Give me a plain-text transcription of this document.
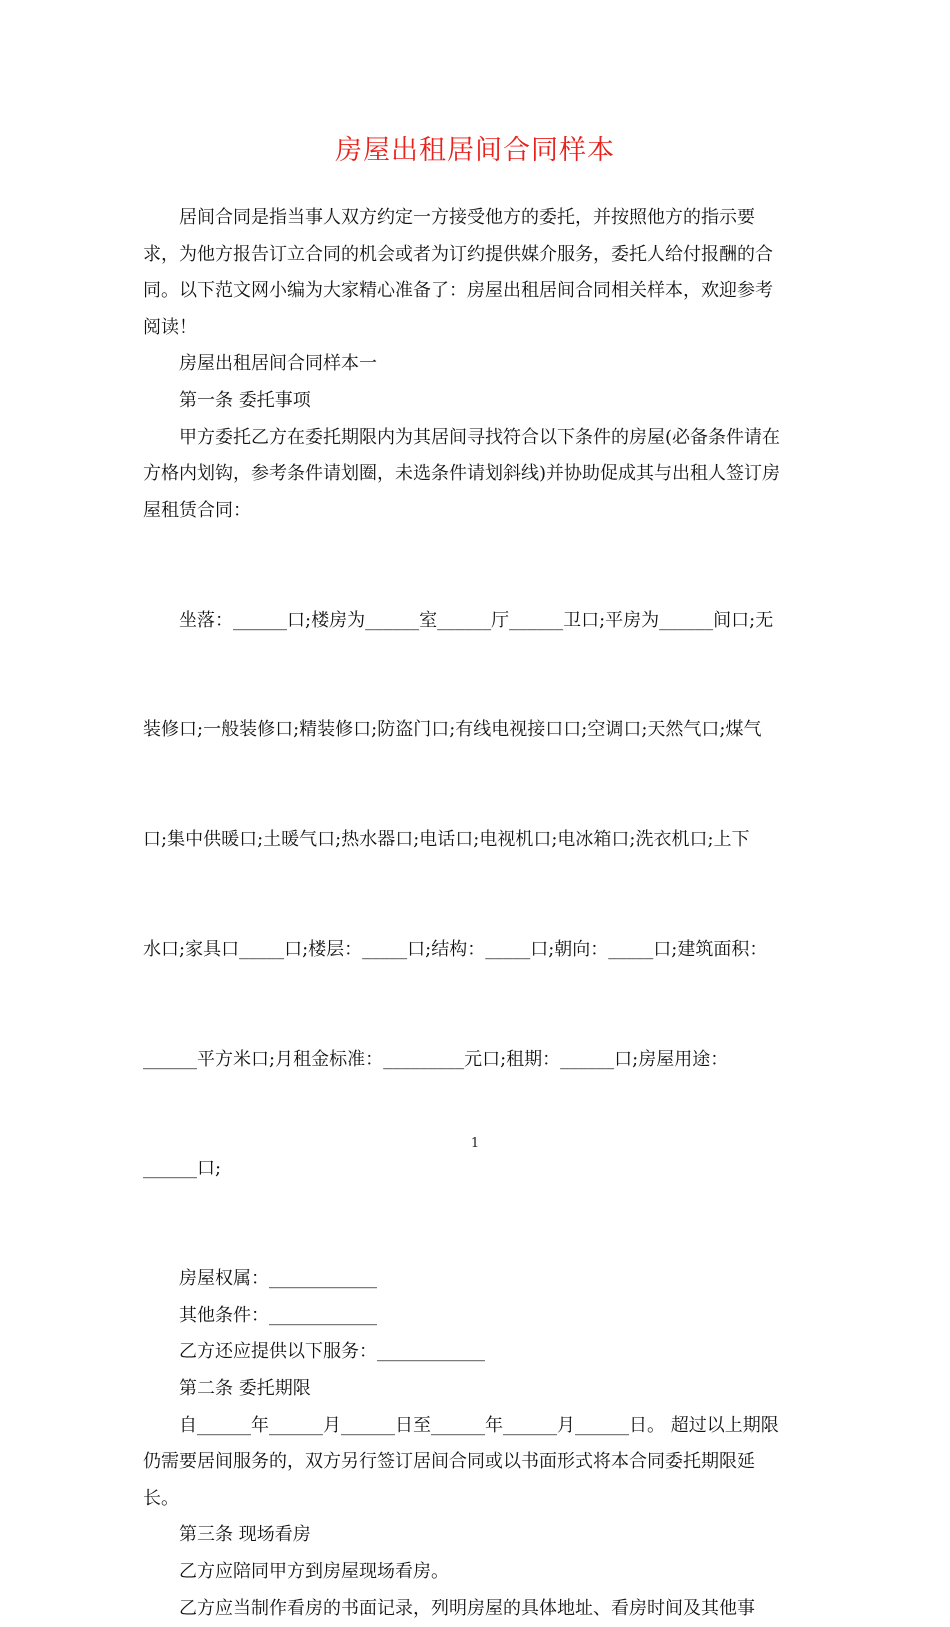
房屋出租居间合同样本
居间合同是指当事人双方约定一方接受他方的委托，并按照他方的指示要
求，为他方报告订立合同的机会或者为订约提供媒介服务，委托人给付报酬的合
同。以下范文网小编为大家精心准备了：房屋出租居间合同相关样本，欢迎参考
阅读！
房屋出租居间合同样本一
第一条 委托事项
甲方委托乙方在委托期限内为其居间寻找符合以下条件的房屋(必备条件请在
方格内划钩，参考条件请划圈，未选条件请划斜线)并协助促成其与出租人签订房
屋租赁合同：

坐落：______口;楼房为______室______厅______卫口;平房为______间口;无

装修口;一般装修口;精装修口;防盗门口;有线电视接口口;空调口;天然气口;煤气

口;集中供暖口;土暖气口;热水器口;电话口;电视机口;电冰箱口;洗衣机口;上下

水口;家具口_____口;楼层：_____口;结构：_____口;朝向：_____口;建筑面积：

______平方米口;月租金标准：_________元口;租期：______口;房屋用途：

______口;

房屋权属：____________
其他条件：____________
乙方还应提供以下服务：____________
第二条 委托期限
自______年______月______日至______年______月______日。 超过以上期限
仍需要居间服务的，双方另行签订居间合同或以书面形式将本合同委托期限延
长。
第三条 现场看房
乙方应陪同甲方到房屋现场看房。
乙方应当制作看房的书面记录，列明房屋的具体地址、看房时间及其他事
1
